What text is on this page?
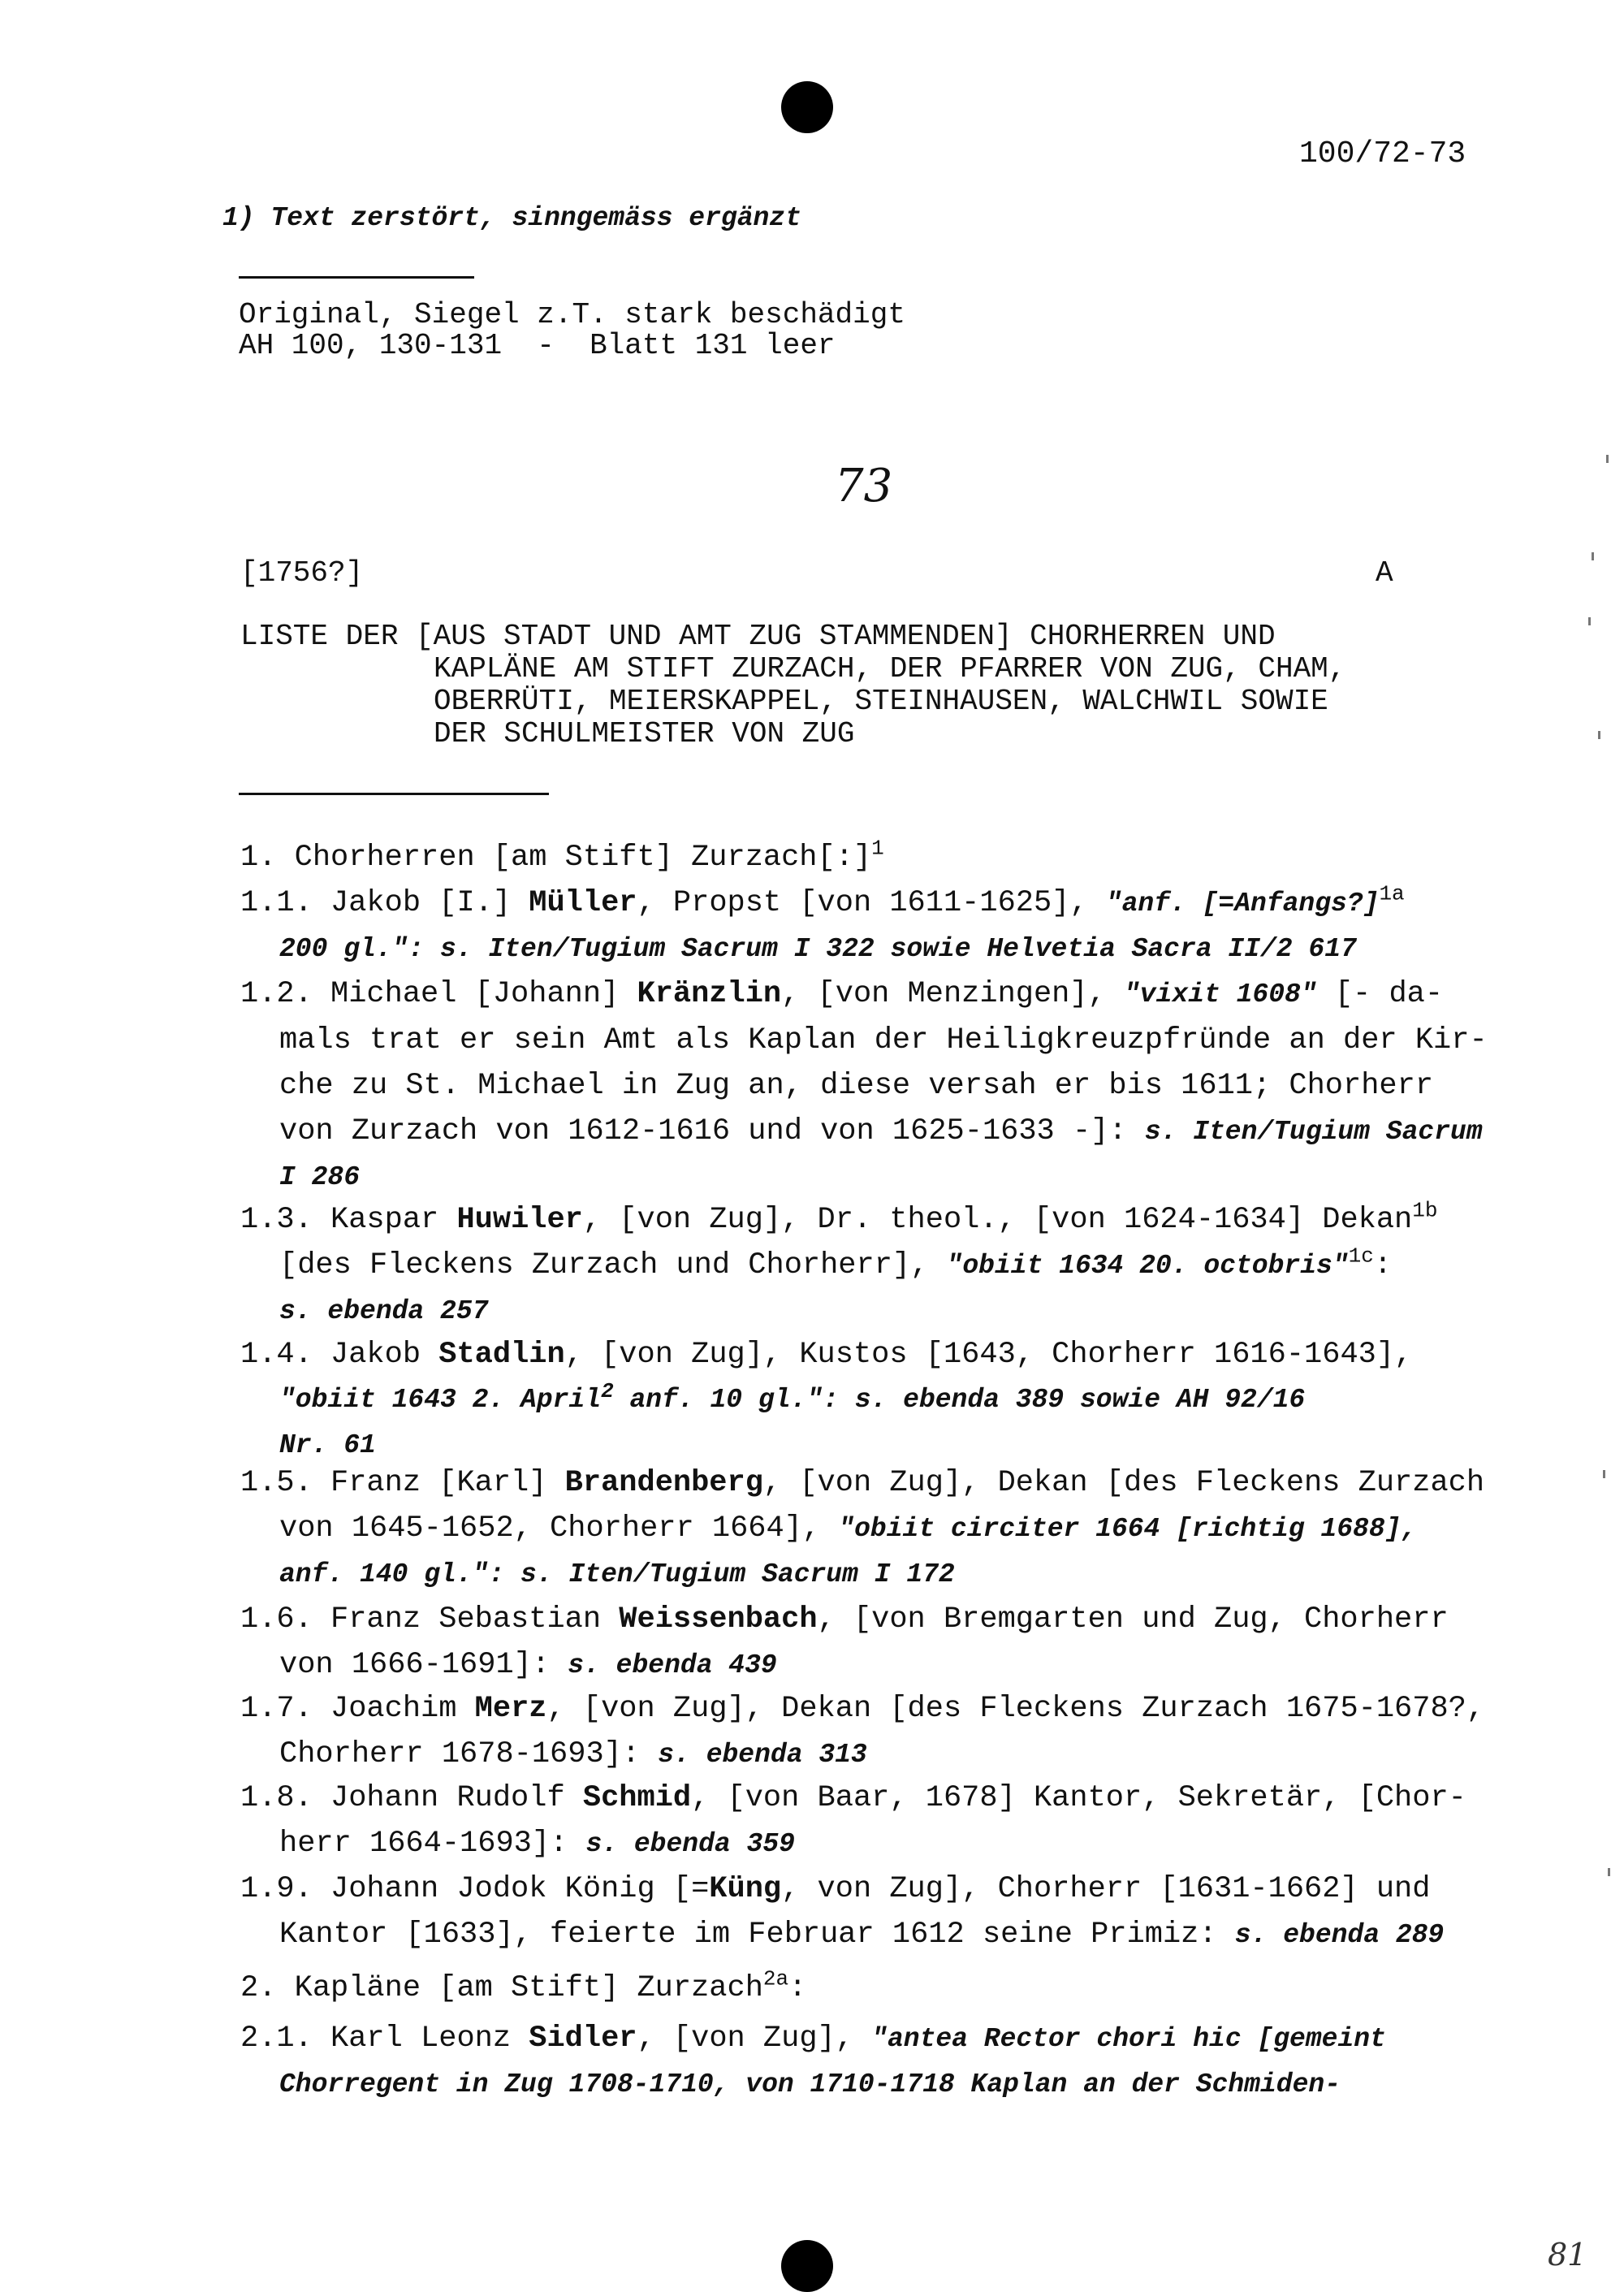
100/72-73
1) Text zerstört, sinngemäss ergänzt
Original, Siegel z.T. stark beschädigt
AH 100, 130-131  -  Blatt 131 leer
73
[1756?]	A
LISTE DER [AUS STADT UND AMT ZUG STAMMENDEN] CHORHERREN UND
KAPLÄNE AM STIFT ZURZACH, DER PFARRER VON ZUG, CHAM,
OBERRÜTI, MEIERSKAPPEL, STEINHAUSEN, WALCHWIL SOWIE
DER SCHULMEISTER VON ZUG
1. Chorherren [am Stift] Zurzach[:]$^1$
1.1. Jakob [I.] Müller, Propst [von 1611-1625], "anf. [=Anfangs?]$^{1a}$
200 gl.": s. Iten/Tugium Sacrum I 322 sowie Helvetia Sacra II/2 617
1.2. Michael [Johann] Kränzlin, [von Menzingen], "vixit 1608" [- da-
mals trat er sein Amt als Kaplan der Heiligkreuzpfründe an der Kir-
che zu St. Michael in Zug an, diese versah er bis 1611; Chorherr
von Zurzach von 1612-1616 und von 1625-1633 -]: s. Iten/Tugium Sacrum
I 286
1.3. Kaspar Huwiler, [von Zug], Dr. theol., [von 1624-1634] Dekan$^{1b}$
[des Fleckens Zurzach und Chorherr], "obiit 1634 20. octobris"$^{1c}$:
s. ebenda 257
1.4. Jakob Stadlin, [von Zug], Kustos [1643, Chorherr 1616-1643],
"obiit 1643 2. April$^2$ anf. 10 gl.": s. ebenda 389 sowie AH 92/16
Nr. 61
1.5. Franz [Karl] Brandenberg, [von Zug], Dekan [des Fleckens Zurzach
von 1645-1652, Chorherr 1664], "obiit circiter 1664 [richtig 1688],
anf. 140 gl.": s. Iten/Tugium Sacrum I 172
1.6. Franz Sebastian Weissenbach, [von Bremgarten und Zug, Chorherr
von 1666-1691]: s. ebenda 439
1.7. Joachim Merz, [von Zug], Dekan [des Fleckens Zurzach 1675-1678?,
Chorherr 1678-1693]: s. ebenda 313
1.8. Johann Rudolf Schmid, [von Baar, 1678] Kantor, Sekretär, [Chor-
herr 1664-1693]: s. ebenda 359
1.9. Johann Jodok König [=Küng, von Zug], Chorherr [1631-1662] und
Kantor [1633], feierte im Februar 1612 seine Primiz: s. ebenda 289
2. Kapläne [am Stift] Zurzach$^{2a}$:
2.1. Karl Leonz Sidler, [von Zug], "antea Rector chori hic [gemeint
Chorregent in Zug 1708-1710, von 1710-1718 Kaplan an der Schmiden-
81
